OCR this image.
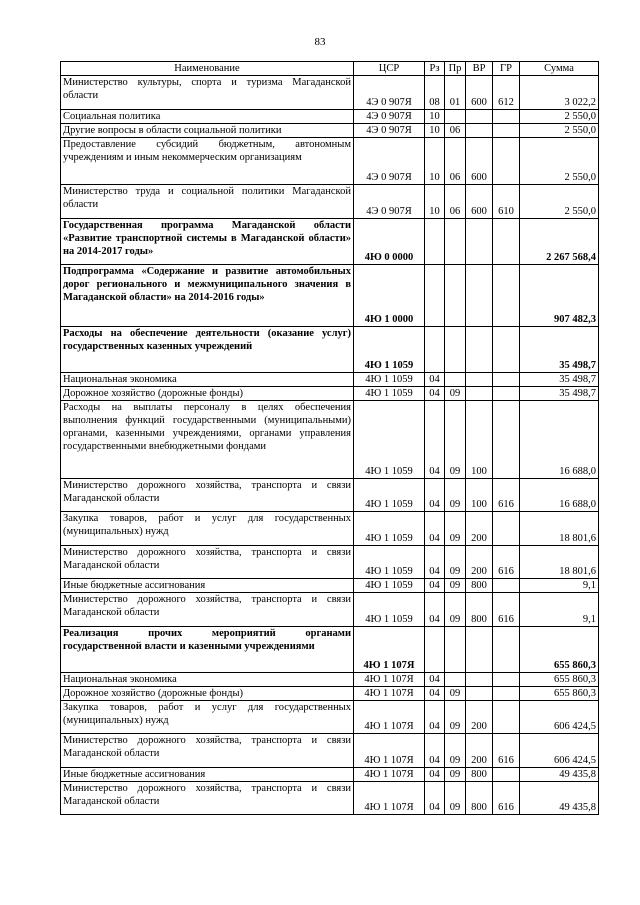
83
Наименование	ЦСР	Рз	Пр	ВР	ГР	Сумма
Министерство культуры, спорта и туризма Магаданской области	4Э 0 907Я	08	01	600	612	3 022,2
Социальная политика	4Э 0 907Я	10				2 550,0
Другие вопросы в области социальной политики	4Э 0 907Я	10	06			2 550,0
Предоставление субсидий бюджетным, автономным учреждениям и иным некоммерческим организациям	4Э 0 907Я	10	06	600		2 550,0
Министерство труда и социальной политики Магаданской области	4Э 0 907Я	10	06	600	610	2 550,0
Государственная программа Магаданской области «Развитие транспортной системы в Магаданской области» на 2014-2017 годы»	4Ю 0 0000					2 267 568,4
Подпрограмма «Содержание и развитие автомобильных дорог регионального и межмуниципального значения в Магаданской области» на 2014-2016 годы»	4Ю 1 0000					907 482,3
Расходы на обеспечение деятельности (оказание услуг) государственных казенных учреждений	4Ю 1 1059					35 498,7
Национальная экономика	4Ю 1 1059	04				35 498,7
Дорожное хозяйство (дорожные фонды)	4Ю 1 1059	04	09			35 498,7
Расходы на выплаты персоналу в целях обеспечения выполнения функций государственными (муниципальными) органами, казенными учреждениями, органами управления государственными внебюджетными фондами	4Ю 1 1059	04	09	100		16 688,0
Министерство дорожного хозяйства, транспорта и связи Магаданской области	4Ю 1 1059	04	09	100	616	16 688,0
Закупка товаров, работ и услуг для государственных (муниципальных) нужд	4Ю 1 1059	04	09	200		18 801,6
Министерство дорожного хозяйства, транспорта и связи Магаданской области	4Ю 1 1059	04	09	200	616	18 801,6
Иные бюджетные ассигнования	4Ю 1 1059	04	09	800		9,1
Министерство дорожного хозяйства, транспорта и связи Магаданской области	4Ю 1 1059	04	09	800	616	9,1
Реализация прочих мероприятий органами государственной власти и казенными учреждениями	4Ю 1 107Я					655 860,3
Национальная экономика	4Ю 1 107Я	04				655 860,3
Дорожное хозяйство (дорожные фонды)	4Ю 1 107Я	04	09			655 860,3
Закупка товаров, работ и услуг для государственных (муниципальных) нужд	4Ю 1 107Я	04	09	200		606 424,5
Министерство дорожного хозяйства, транспорта и связи Магаданской области	4Ю 1 107Я	04	09	200	616	606 424,5
Иные бюджетные ассигнования	4Ю 1 107Я	04	09	800		49 435,8
Министерство дорожного хозяйства, транспорта и связи Магаданской области	4Ю 1 107Я	04	09	800	616	49 435,8
